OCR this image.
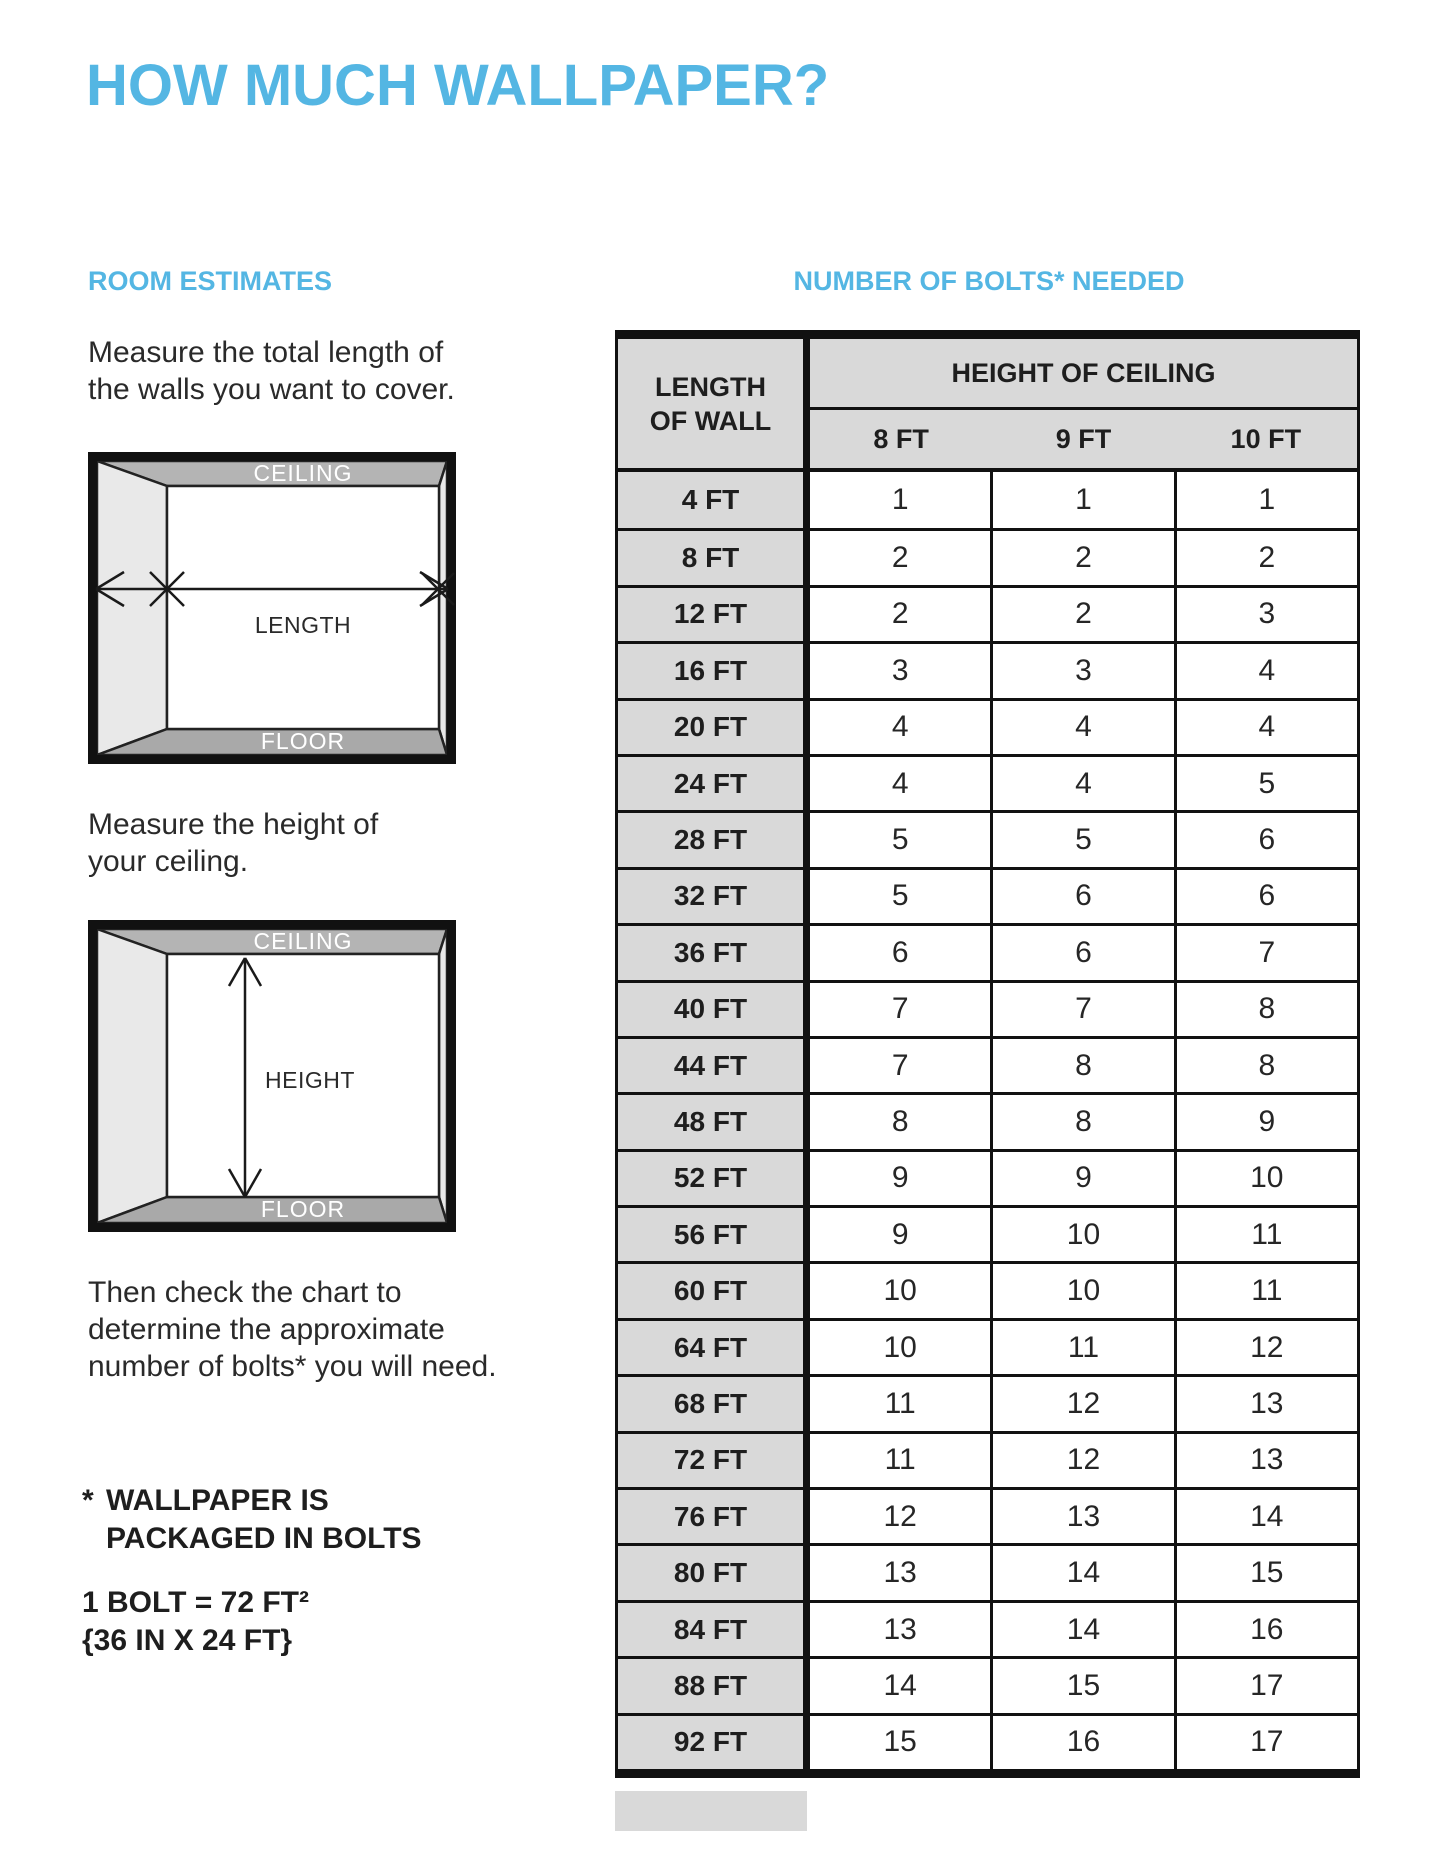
HOW MUCH WALLPAPER?
ROOM ESTIMATES
Measure the total length of
the walls you want to cover.
CEILING
FLOOR
LENGTH
Measure the height of
your ceiling.
CEILING
FLOOR
HEIGHT
Then check the chart to
determine the approximate
number of bolts* you will need.
* WALLPAPER IS
PACKAGED IN BOLTS
1 BOLT = 72 FT²
{36 IN X 24 FT}
NUMBER OF BOLTS* NEEDED
LENGTH
OF WALL
HEIGHT OF CEILING
8 FT	9 FT	10 FT
4 FT	1	1	1
8 FT	2	2	2
12 FT	2	2	3
16 FT	3	3	4
20 FT	4	4	4
24 FT	4	4	5
28 FT	5	5	6
32 FT	5	6	6
36 FT	6	6	7
40 FT	7	7	8
44 FT	7	8	8
48 FT	8	8	9
52 FT	9	9	10
56 FT	9	10	11
60 FT	10	10	11
64 FT	10	11	12
68 FT	11	12	13
72 FT	11	12	13
76 FT	12	13	14
80 FT	13	14	15
84 FT	13	14	16
88 FT	14	15	17
92 FT	15	16	17
